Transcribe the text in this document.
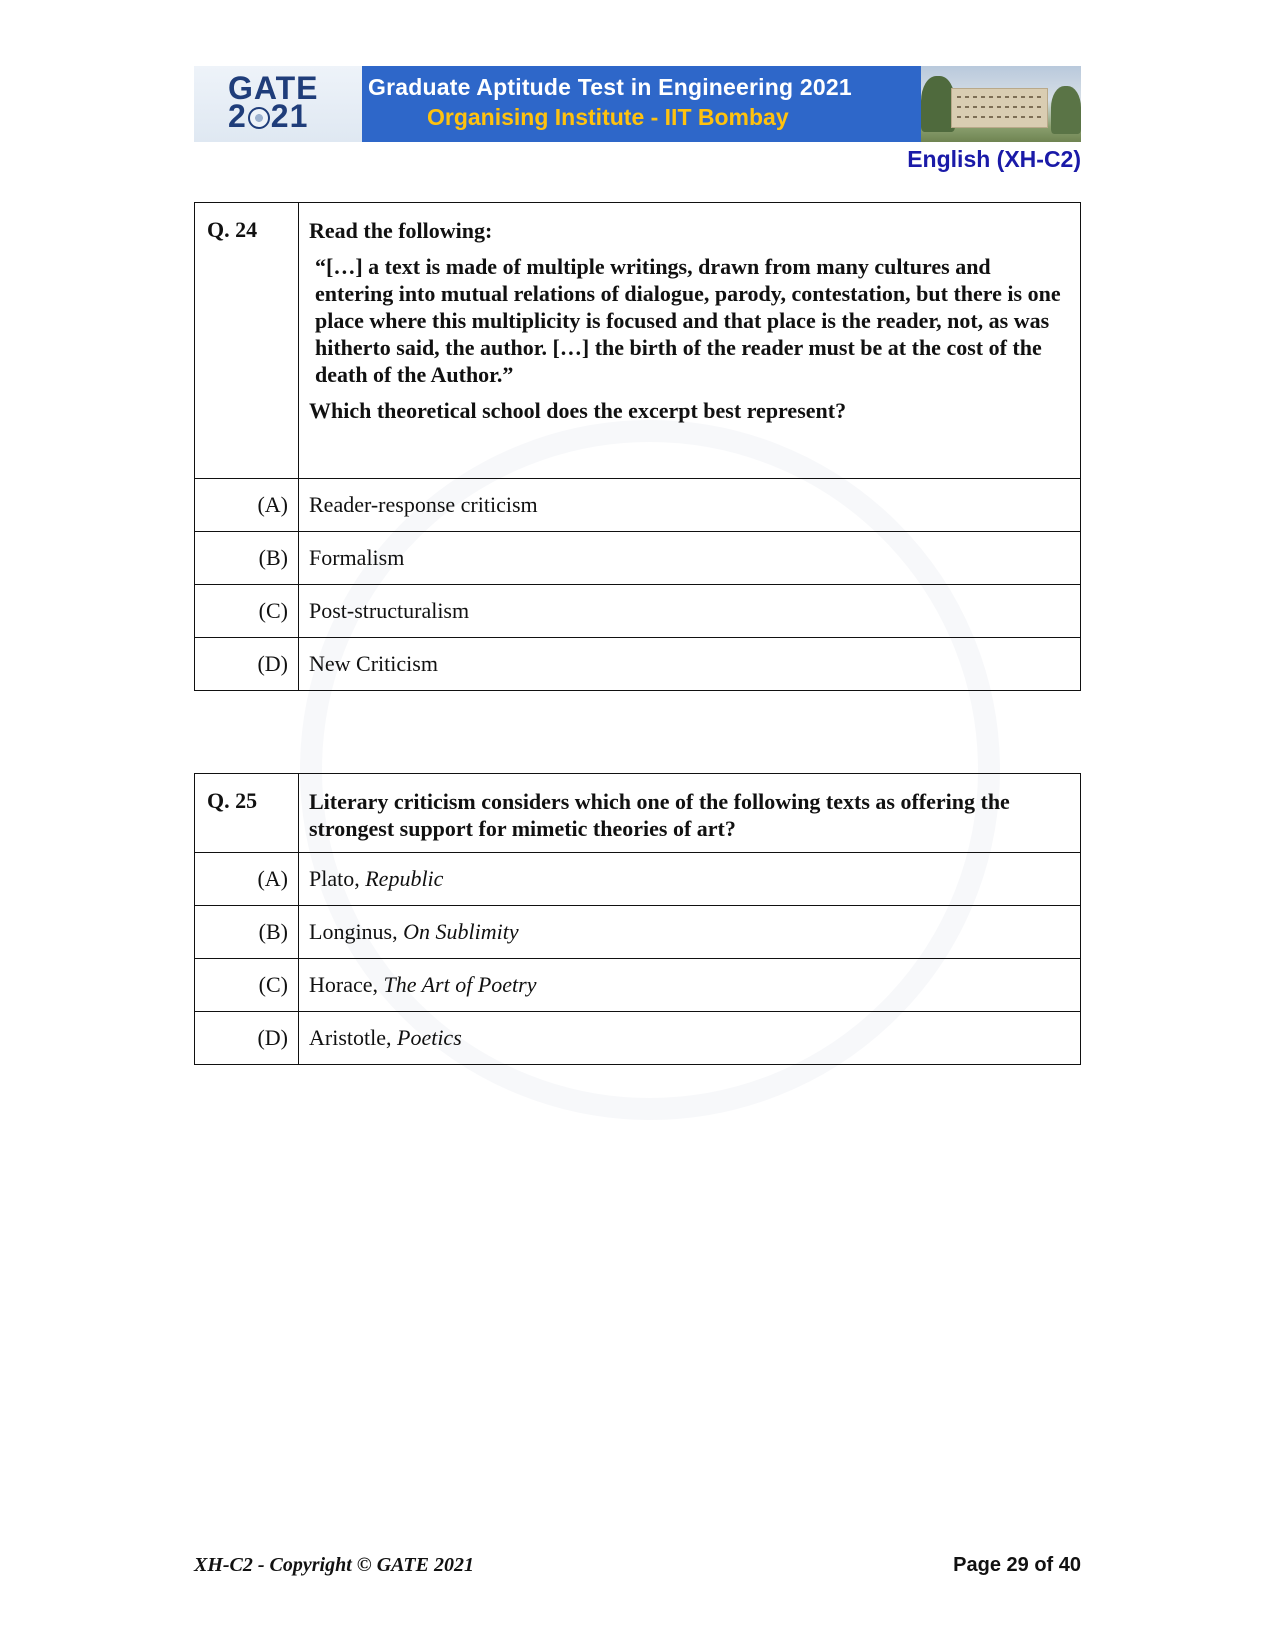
GATE
2 21
Graduate Aptitude Test in Engineering 2021
Organising Institute - IIT Bombay
English (XH-C2)
Q. 24	Read the following:

“[…] a text is made of multiple writings, drawn from many cultures and entering into mutual relations of dialogue, parody, contestation, but there is one place where this multiplicity is focused and that place is the reader, not, as was hitherto said, the author. […] the birth of the reader must be at the cost of the death of the Author.”

Which theoretical school does the excerpt best represent?

(A)	Reader-response criticism
(B)	Formalism
(C)	Post-structuralism
(D)	New Criticism
Q. 25	Literary criticism considers which one of the following texts as offering the strongest support for mimetic theories of art?
(A)	Plato, Republic
(B)	Longinus, On Sublimity
(C)	Horace, The Art of Poetry
(D)	Aristotle, Poetics
XH-C2 - Copyright © GATE 2021	Page 29 of 40
